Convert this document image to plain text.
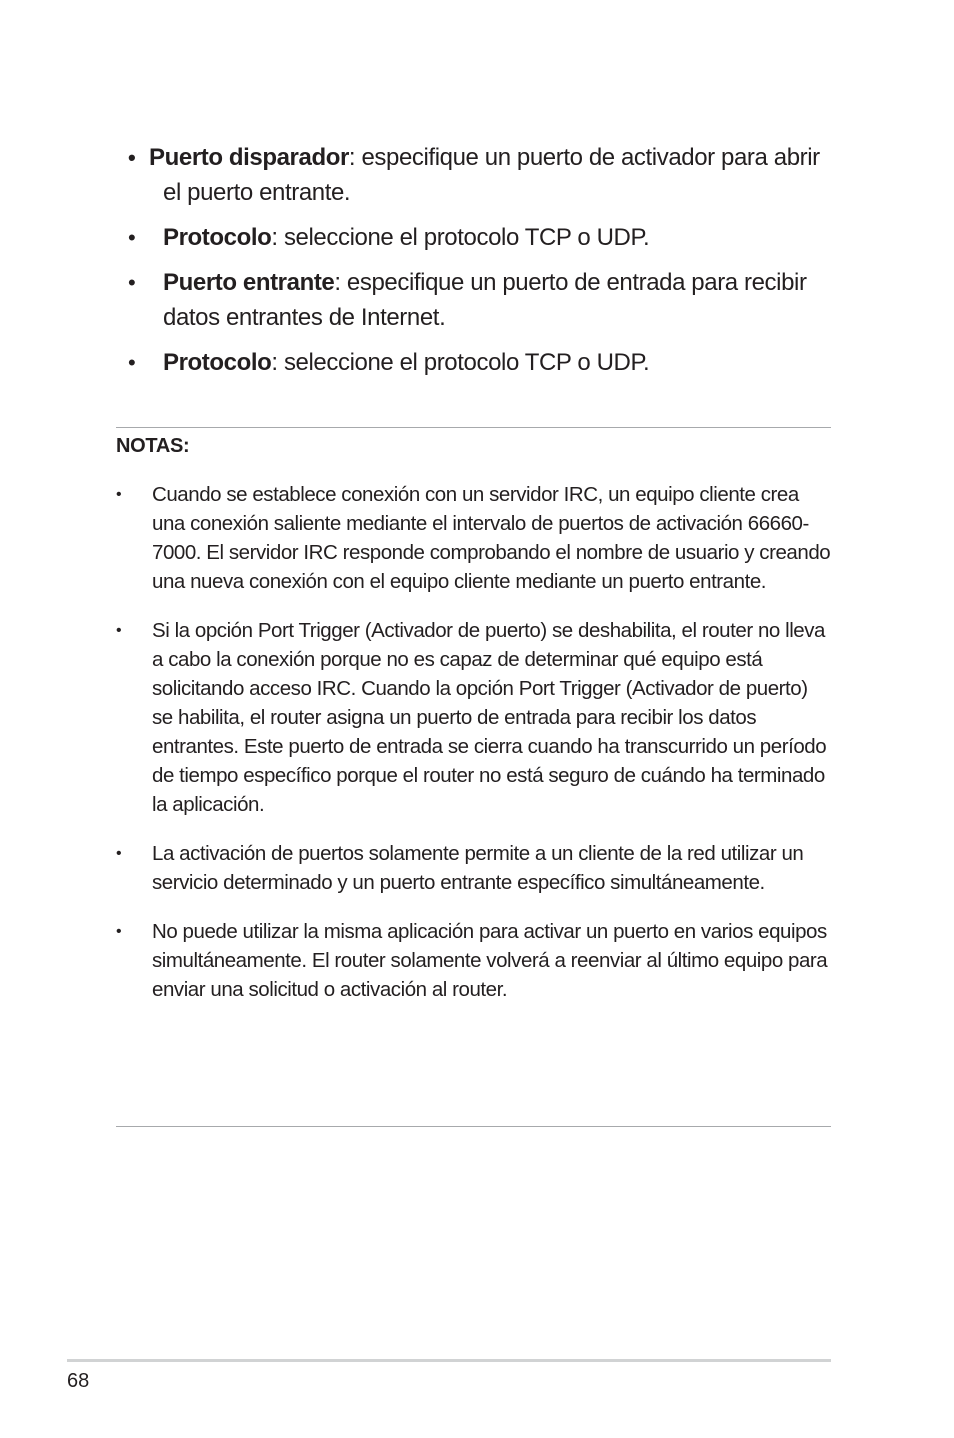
• Puerto disparador: especifique un puerto de activador para abrir el puerto entrante.
• Protocolo: seleccione el protocolo TCP o UDP.
• Puerto entrante: especifique un puerto de entrada para recibir datos entrantes de Internet.
• Protocolo: seleccione el protocolo TCP o UDP.
NOTAS:
• Cuando se establece conexión con un servidor IRC, un equipo cliente crea una conexión saliente mediante el intervalo de puertos de activación 66660-7000. El servidor IRC responde comprobando el nombre de usuario y creando una nueva conexión con el equipo cliente mediante un puerto entrante.
• Si la opción Port Trigger (Activador de puerto) se deshabilita, el router no lleva a cabo la conexión porque no es capaz de determinar qué equipo está solicitando acceso IRC. Cuando la opción Port Trigger (Activador de puerto) se habilita, el router asigna un puerto de entrada para recibir los datos entrantes. Este puerto de entrada se cierra cuando ha transcurrido un período de tiempo específico porque el router no está seguro de cuándo ha terminado la aplicación.
• La activación de puertos solamente permite a un cliente de la red utilizar un servicio determinado y un puerto entrante específico simultáneamente.
• No puede utilizar la misma aplicación para activar un puerto en varios equipos simultáneamente. El router solamente volverá a reenviar al último equipo para enviar una solicitud o activación al router.
68
